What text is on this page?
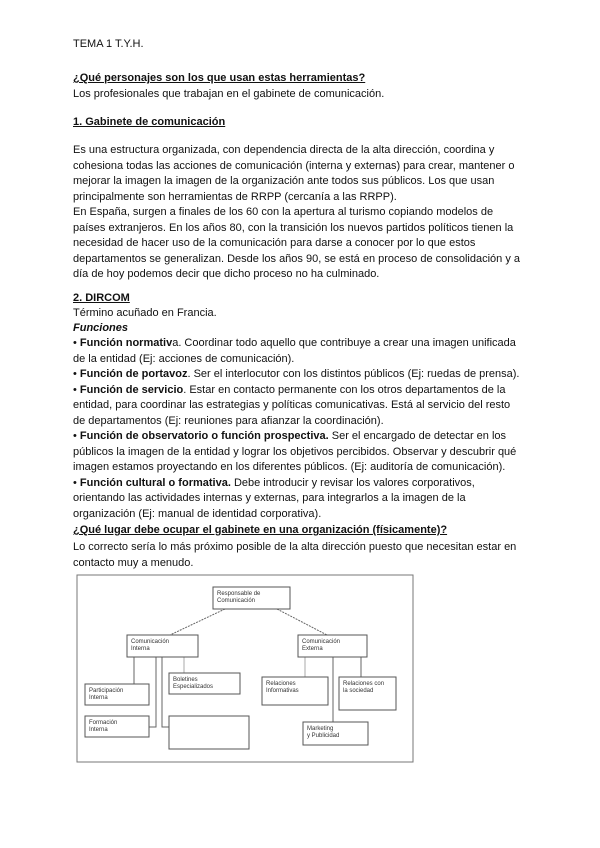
TEMA 1 T.Y.H.
¿Qué personajes son los que usan estas herramientas?
Los profesionales que trabajan en el gabinete de comunicación.
1. Gabinete de comunicación
Es una estructura organizada, con dependencia directa de la alta dirección, coordina y
cohesiona todas las acciones de comunicación (interna y externas) para crear, mantener o
mejorar la imagen la imagen de la organización ante todos sus públicos. Los que usan
principalmente son herramientas de RRPP (cercanía a las RRPP).
En España, surgen a finales de los 60 con la apertura al turismo copiando modelos de
países extranjeros. En los años 80, con la transición los nuevos partidos políticos tienen la
necesidad de hacer uso de la comunicación para darse a conocer por lo que estos
departamentos se generalizan. Desde los años 90, se está en proceso de consolidación y a
día de hoy podemos decir que dicho proceso no ha culminado.
2. DIRCOM
Término acuñado en Francia.
Funciones
• Función normativa. Coordinar todo aquello que contribuye a crear una imagen unificada
de la entidad (Ej: acciones de comunicación).
• Función de portavoz. Ser el interlocutor con los distintos públicos (Ej: ruedas de prensa).
• Función de servicio. Estar en contacto permanente con los otros departamentos de la
entidad, para coordinar las estrategias y políticas comunicativas. Está al servicio del resto
de departamentos (Ej: reuniones para afianzar la coordinación).
• Función de observatorio o función prospectiva. Ser el encargado de detectar en los
públicos la imagen de la entidad y lograr los objetivos percibidos. Observar y descubrir qué
imagen estamos proyectando en los diferentes públicos. (Ej: auditoría de comunicación).
• Función cultural o formativa. Debe introducir y revisar los valores corporativos,
orientando las actividades internas y externas, para integrarlos a la imagen de la
organización (Ej: manual de identidad corporativa).
¿Qué lugar debe ocupar el gabinete en una organización (físicamente)?
Lo correcto sería lo más próximo posible de la alta dirección puesto que necesitan estar en
contacto muy a menudo.
Responsable de
Comunicación
Comunicación
Interna
Comunicación
Externa
Participación
Interna
Formación
Interna
Boletines
Especializados	Relaciones
Informativas
Relaciones con
la sociedad
Marketing
y Publicidad
